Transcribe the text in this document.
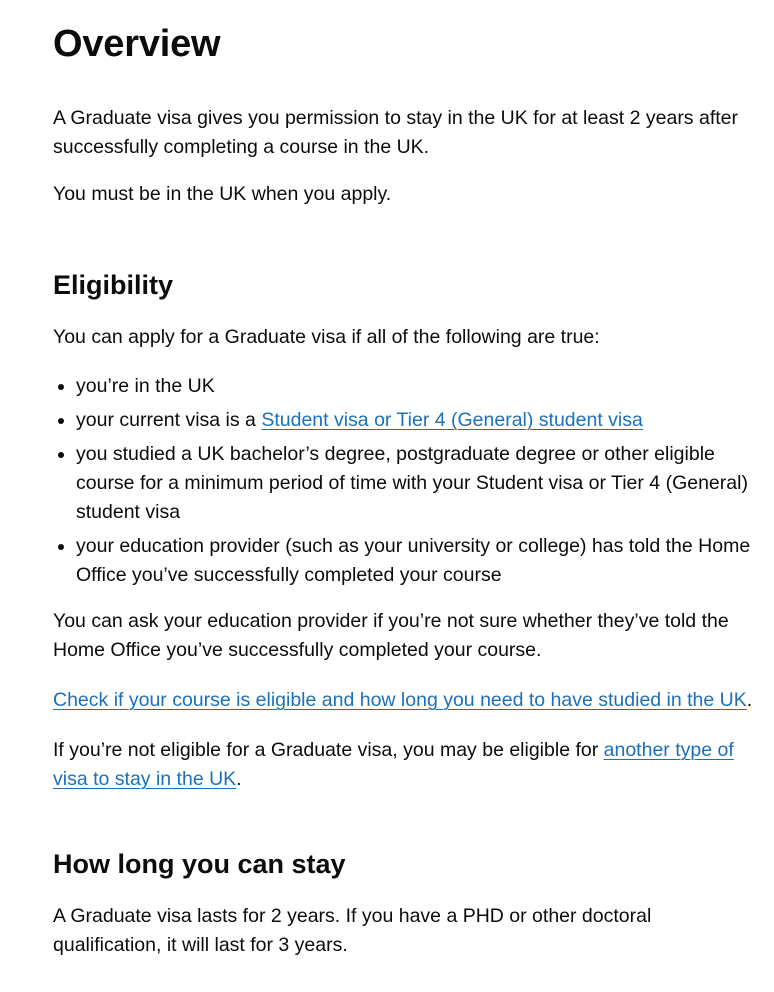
Overview

A Graduate visa gives you permission to stay in the UK for at least 2 years after successfully completing a course in the UK.

You must be in the UK when you apply.

Eligibility

You can apply for a Graduate visa if all of the following are true:

• you’re in the UK
• your current visa is a Student visa or Tier 4 (General) student visa
• you studied a UK bachelor’s degree, postgraduate degree or other eligible course for a minimum period of time with your Student visa or Tier 4 (General) student visa
• your education provider (such as your university or college) has told the Home Office you’ve successfully completed your course

You can ask your education provider if you’re not sure whether they’ve told the Home Office you’ve successfully completed your course.

Check if your course is eligible and how long you need to have studied in the UK.

If you’re not eligible for a Graduate visa, you may be eligible for another type of visa to stay in the UK.

How long you can stay

A Graduate visa lasts for 2 years. If you have a PHD or other doctoral qualification, it will last for 3 years.
